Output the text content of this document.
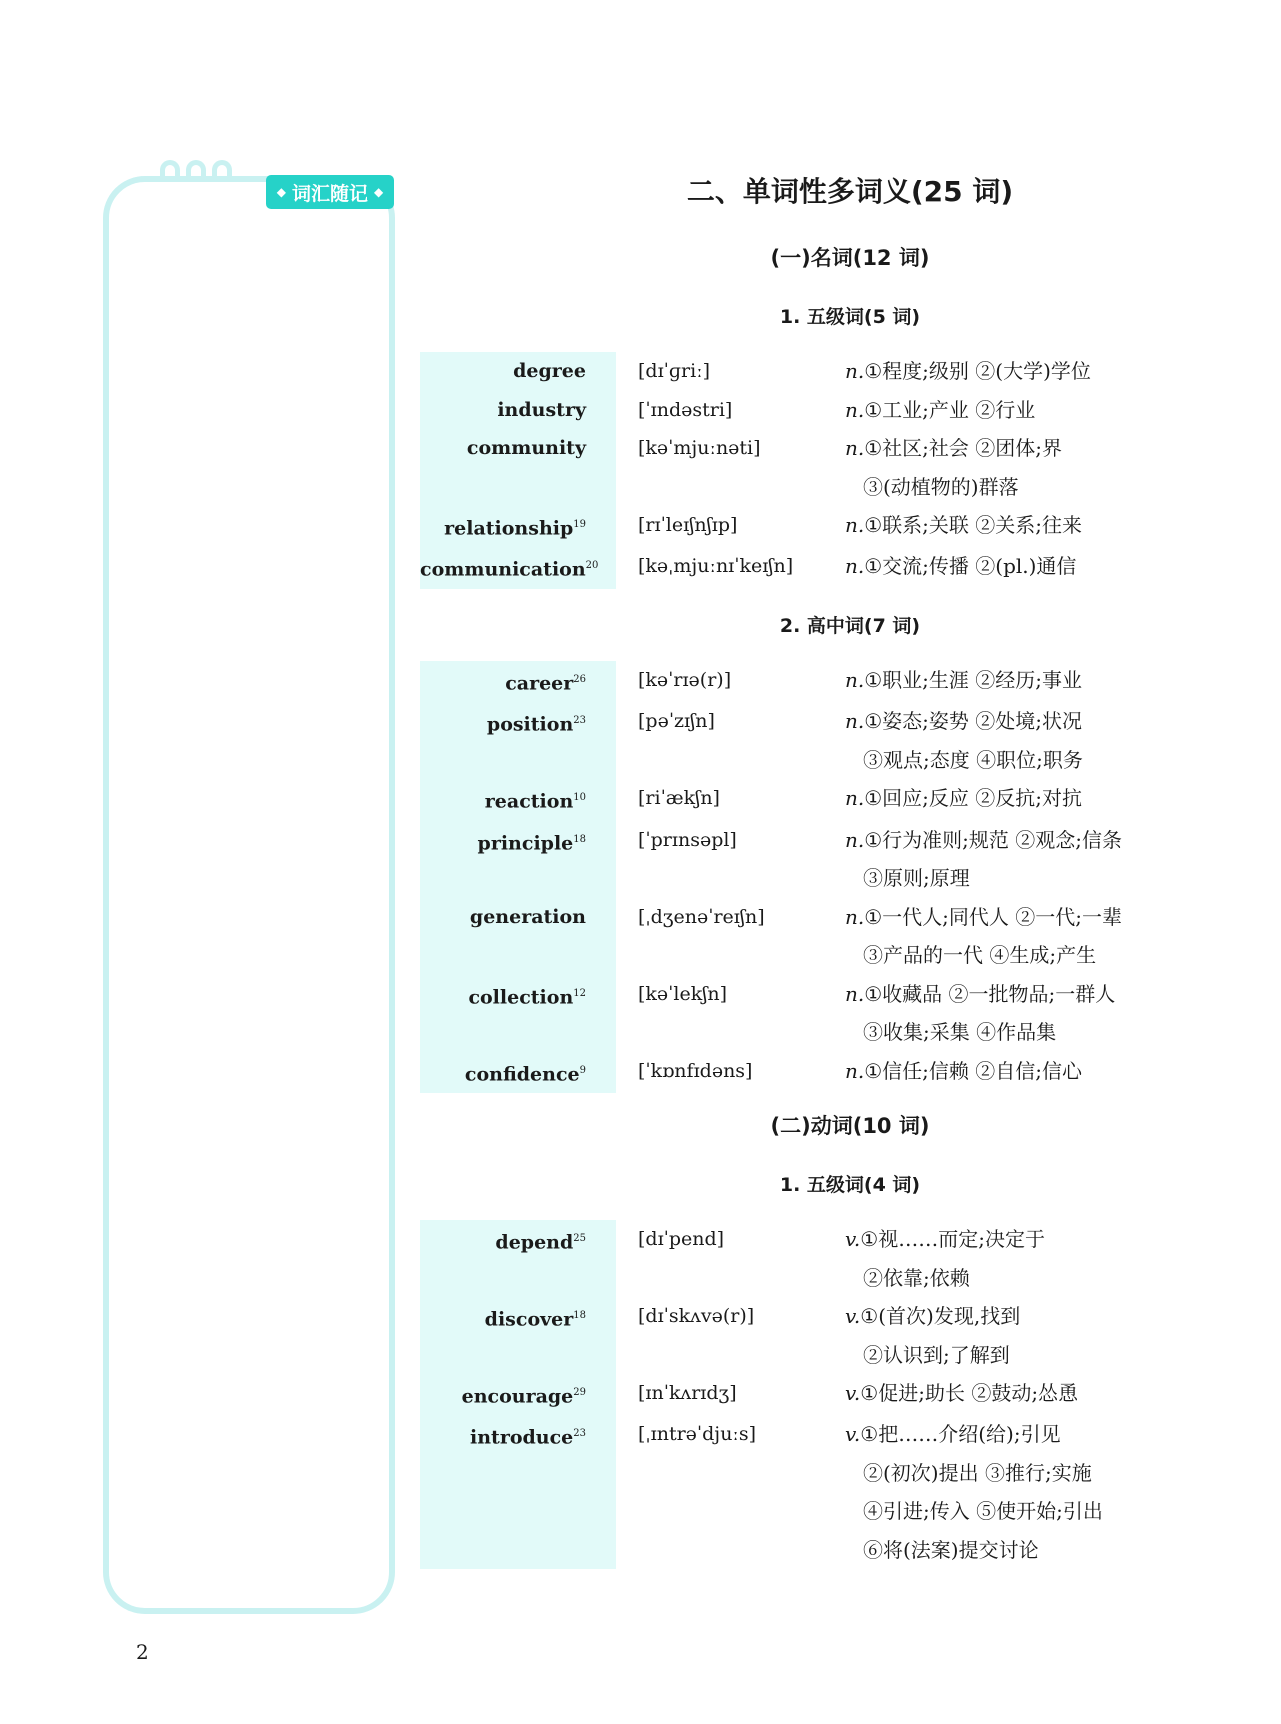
◆ 词汇随记 ◆	二、单词性多词义(25 词)
(一)名词(12 词)
1. 五级词(5 词)
degree	[dɪˈɡriː]	n.①程度;级别 ②(大学)学位
industry	[ˈɪndəstri]	n.①工业;产业 ②行业
community	[kəˈmjuːnəti]	n.①社区;社会 ②团体;界
③(动植物的)群落
relationship$^{19}$	[rɪˈleɪʃnʃɪp]	n.①联系;关联 ②关系;往来
communication$^{20}$	[kəˌmjuːnɪˈkeɪʃn]	n.①交流;传播 ②(pl.)通信
2. 高中词(7 词)
career$^{26}$	[kəˈrɪə(r)]	n.①职业;生涯 ②经历;事业
position$^{23}$	[pəˈzɪʃn]	n.①姿态;姿势 ②处境;状况
③观点;态度 ④职位;职务
reaction$^{10}$	[riˈækʃn]	n.①回应;反应 ②反抗;对抗
principle$^{18}$	[ˈprɪnsəpl]	n.①行为准则;规范 ②观念;信条
③原则;原理
generation	[ˌdʒenəˈreɪʃn]	n.①一代人;同代人 ②一代;一辈
③产品的一代 ④生成;产生
collection$^{12}$	[kəˈlekʃn]	n.①收藏品 ②一批物品;一群人
③收集;采集 ④作品集
confidence$^9$	[ˈkɒnfɪdəns]	n.①信任;信赖 ②自信;信心
(二)动词(10 词)
1. 五级词(4 词)
depend$^{25}$	[dɪˈpend]	v.①视……而定;决定于
②依靠;依赖
discover$^{18}$	[dɪˈskʌvə(r)]	v.①(首次)发现,找到
②认识到;了解到
encourage$^{29}$	[ɪnˈkʌrɪdʒ]	v.①促进;助长 ②鼓动;怂恿
introduce$^{23}$	[ˌɪntrəˈdjuːs]	v.①把……介绍(给);引见
②(初次)提出 ③推行;实施
④引进;传入 ⑤使开始;引出
⑥将(法案)提交讨论
2
